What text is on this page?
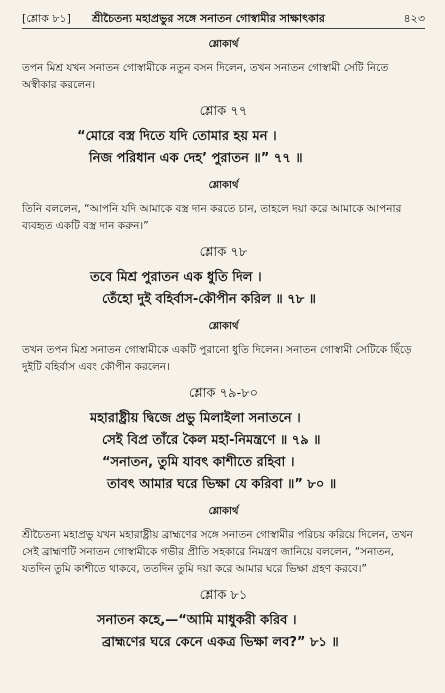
[শ্লোক ৮১] শ্রীচৈতন্য মহাপ্রভুর সঙ্গে সনাতন গোস্বামীর সাক্ষাৎকার	৪২৩
শ্লোকার্থ

তপন মিশ্র যখন সনাতন গোস্বামীকে নতুন বসন দিলেন, তখন সনাতন গোস্বামী সেটি নিতে অস্বীকার করলেন।

শ্লোক ৭৭

“মোরে বস্ত্র দিতে যদি তোমার হয় মন ।

নিজ পরিধান এক দেহ’ পুরাতন ॥” ৭৭ ॥

শ্লোকার্থ

তিনি বললেন, “আপনি যদি আমাকে বস্ত্র দান করতে চান, তাহলে দয়া করে আমাকে আপনার ব্যবহৃত একটি বস্ত্র দান করুন।”

শ্লোক ৭৮

তবে মিশ্র পুরাতন এক ধুতি দিল ।

তেঁহো দুই বহির্বাস-কৌপীন করিল ॥ ৭৮ ॥

শ্লোকার্থ

তখন তপন মিশ্র সনাতন গোস্বামীকে একটি পুরানো ধুতি দিলেন। সনাতন গোস্বামী সেটিকে ছিঁড়ে দুইটি বহির্বাস এবং কৌপীন করলেন।

শ্লোক ৭৯-৮০

মহারাষ্ট্রীয় দ্বিজে প্রভু মিলাইলা সনাতনে ।

সেই বিপ্র তাঁরে কৈল মহা-নিমন্ত্রণে ॥ ৭৯ ॥

“সনাতন, তুমি যাবৎ কাশীতে রহিবা ।

তাবৎ আমার ঘরে ভিক্ষা যে করিবা ॥” ৮০ ॥

শ্লোকার্থ

শ্রীচৈতন্য মহাপ্রভু যখন মহারাষ্ট্রীয় ব্রাহ্মণের সঙ্গে সনাতন গোস্বামীর পরিচয় করিয়ে দিলেন, তখন সেই ব্রাহ্মণটি সনাতন গোস্বামীকে গভীর প্রীতি সহকারে নিমন্ত্রণ জানিয়ে বললেন, “সনাতন, যতদিন তুমি কাশীতে থাকবে, ততদিন তুমি দয়া করে আমার ঘরে ভিক্ষা গ্রহণ করবে।”

শ্লোক ৮১

সনাতন কহে,—“আমি মাধুকরী করিব ।

ব্রাহ্মণের ঘরে কেনে একত্র ভিক্ষা লব?” ৮১ ॥
